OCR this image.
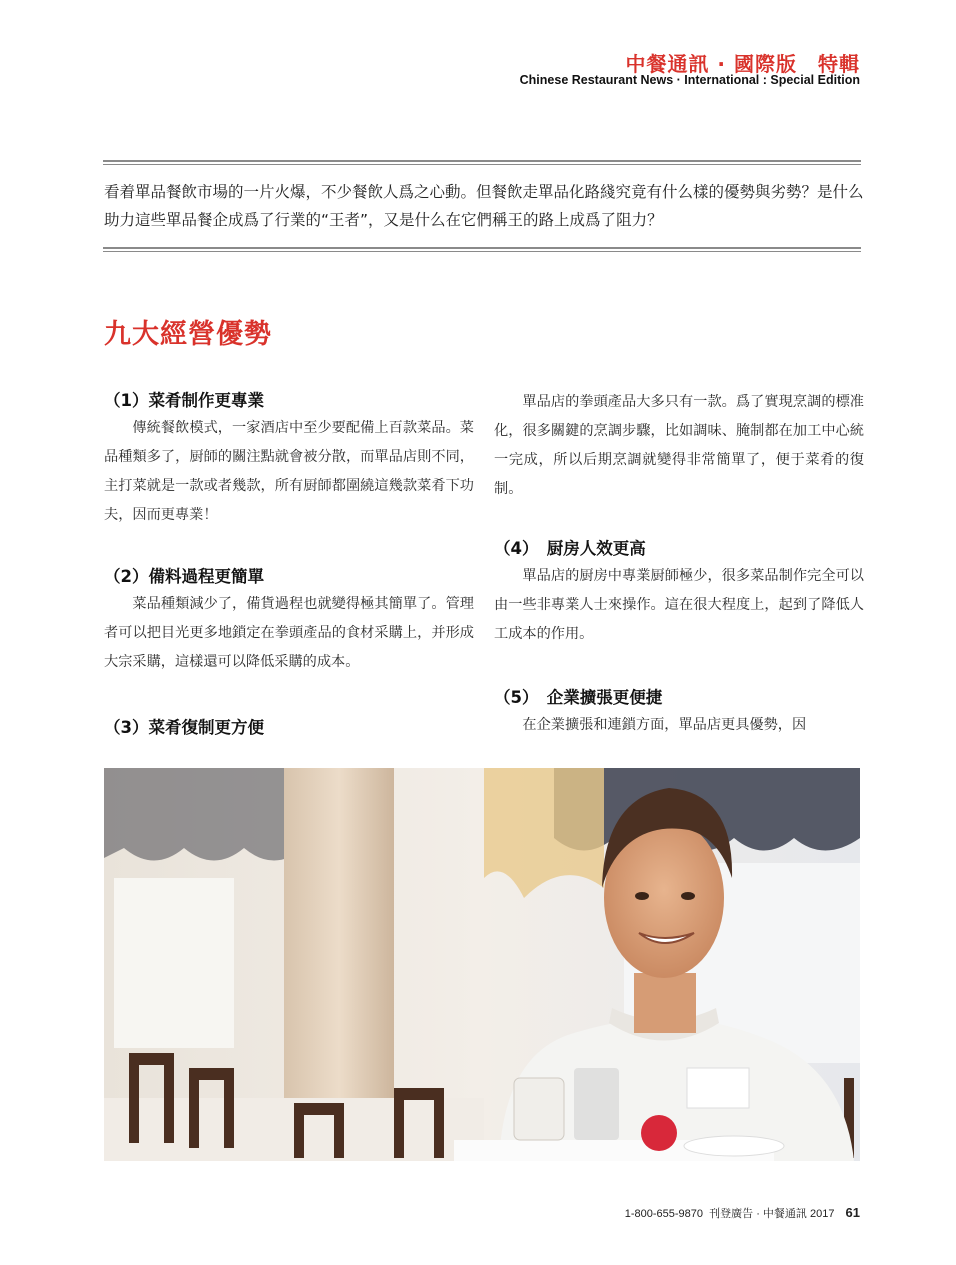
中餐通訊 · 國際版　特輯
Chinese Restaurant News · International : Special Edition
看着單品餐飲市場的一片火爆，不少餐飲人爲之心動。但餐飲走單品化路綫究竟有什么樣的優勢與劣勢？是什么助力這些單品餐企成爲了行業的“王者”，又是什么在它們稱王的路上成爲了阻力？
九大經營優勢
（1）菜肴制作更專業

傳統餐飲模式，一家酒店中至少要配備上百款菜品。菜品種類多了，厨師的關注點就會被分散，而單品店則不同，主打菜就是一款或者幾款，所有厨師都圍繞這幾款菜肴下功夫，因而更專業！

（2）備料過程更簡單

菜品種類減少了，備貨過程也就變得極其簡單了。管理者可以把目光更多地鎖定在拳頭產品的食材采購上，并形成大宗采購，這樣還可以降低采購的成本。

（3）菜肴復制更方便

單品店的拳頭產品大多只有一款。爲了實現烹調的標准化，很多關鍵的烹調步驟，比如調味、腌制都在加工中心統一完成，所以后期烹調就變得非常簡單了，便于菜肴的復制。

（4）　厨房人效更高

單品店的厨房中專業厨師極少，很多菜品制作完全可以由一些非專業人士來操作。這在很大程度上，起到了降低人工成本的作用。

（5）　企業擴張更便捷

在企業擴張和連鎖方面，單品店更具優勢，因

1-800-655-9870 刊登廣告 · 中餐通訊 2017 61
